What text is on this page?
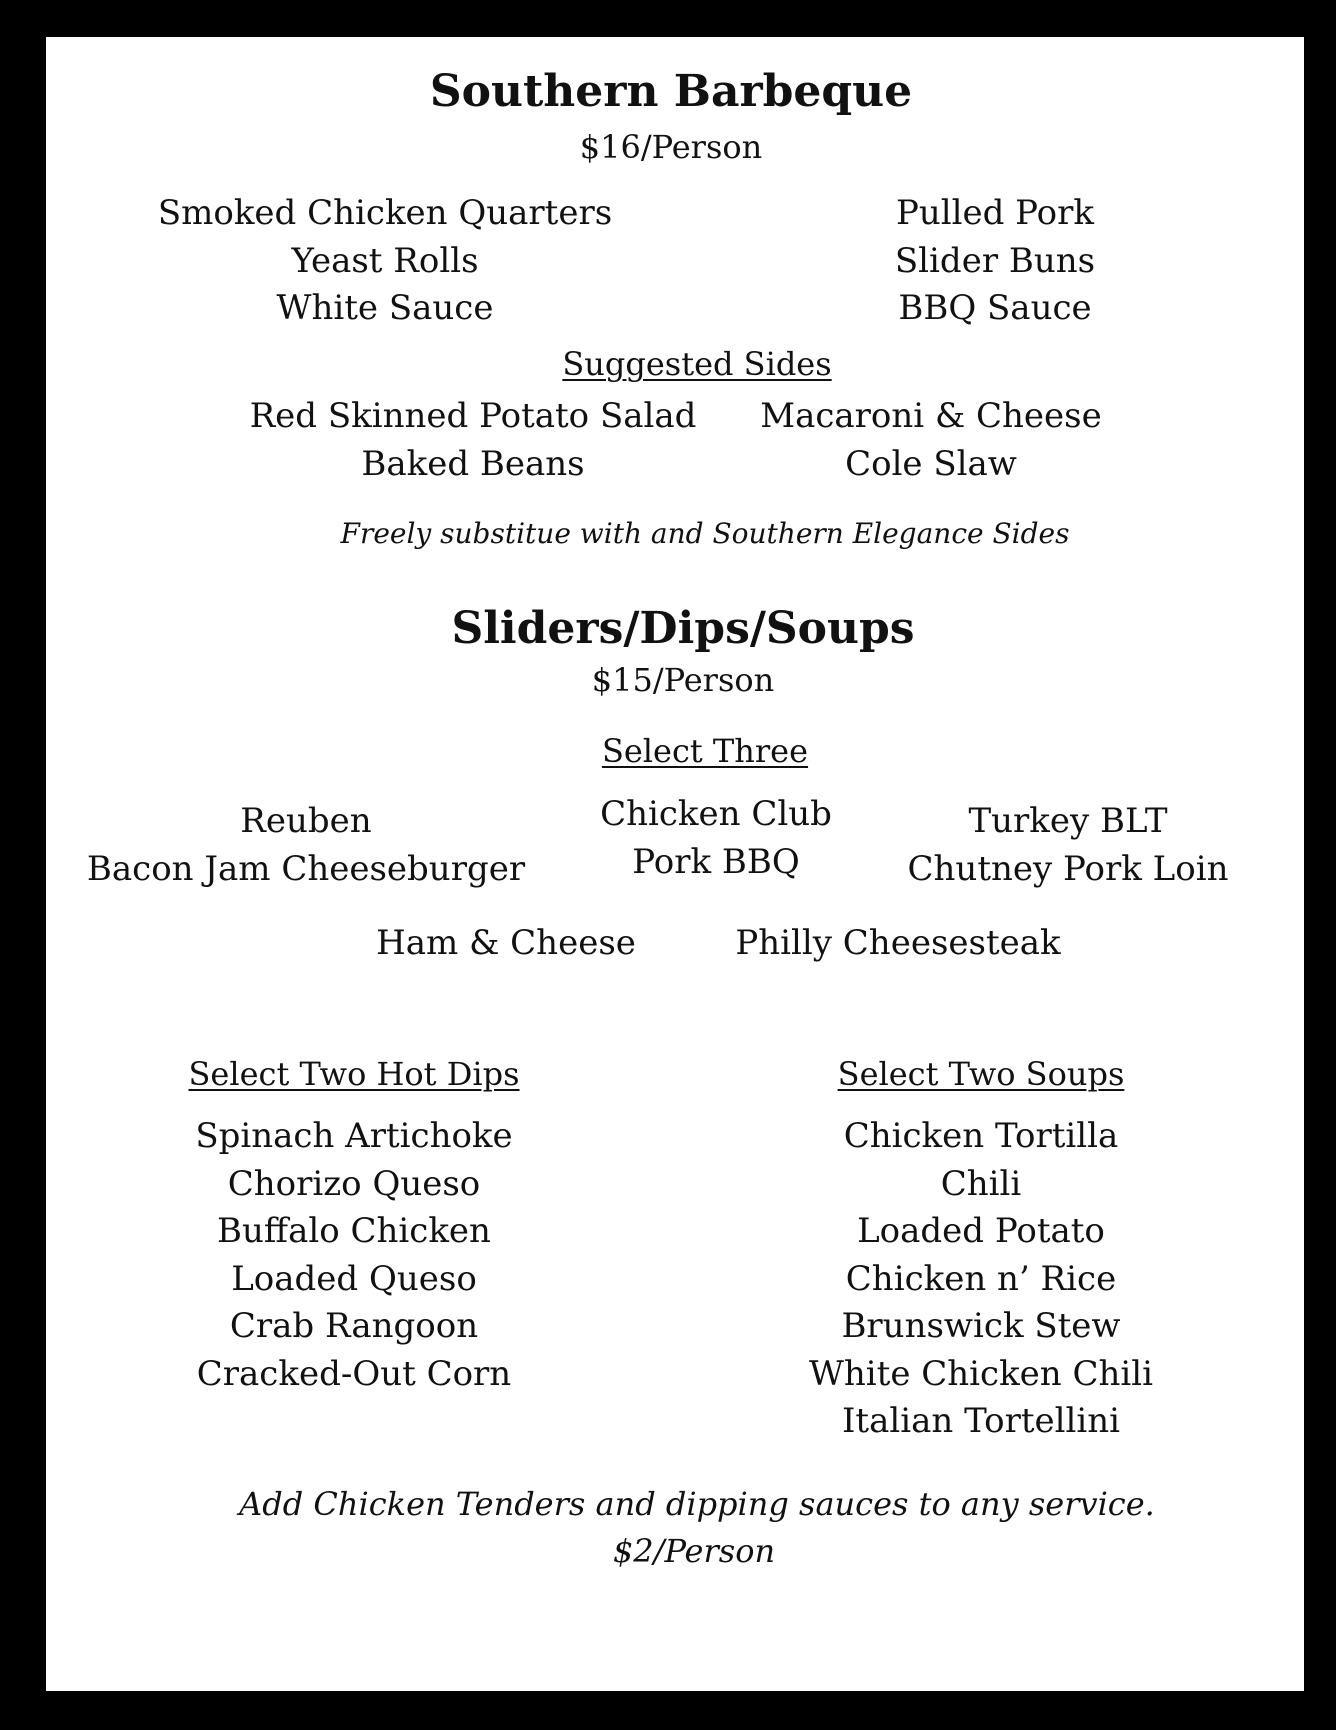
Southern Barbeque
$16/Person
Smoked Chicken Quarters
Yeast Rolls
White Sauce
Pulled Pork
Slider Buns
BBQ Sauce
Suggested Sides
Red Skinned Potato Salad
Baked Beans
Macaroni & Cheese
Cole Slaw
Freely substitue with and Southern Elegance Sides
Sliders/Dips/Soups
$15/Person
Select Three
Reuben
Bacon Jam Cheeseburger
Chicken Club
Pork BBQ
Turkey BLT
Chutney Pork Loin
Ham & Cheese	Philly Cheesesteak
Select Two Hot Dips	Select Two Soups
Spinach Artichoke
Chorizo Queso
Buffalo Chicken
Loaded Queso
Crab Rangoon
Cracked-Out Corn
Chicken Tortilla
Chili
Loaded Potato
Chicken n’ Rice
Brunswick Stew
White Chicken Chili
Italian Tortellini
Add Chicken Tenders and dipping sauces to any service.
$2/Person
